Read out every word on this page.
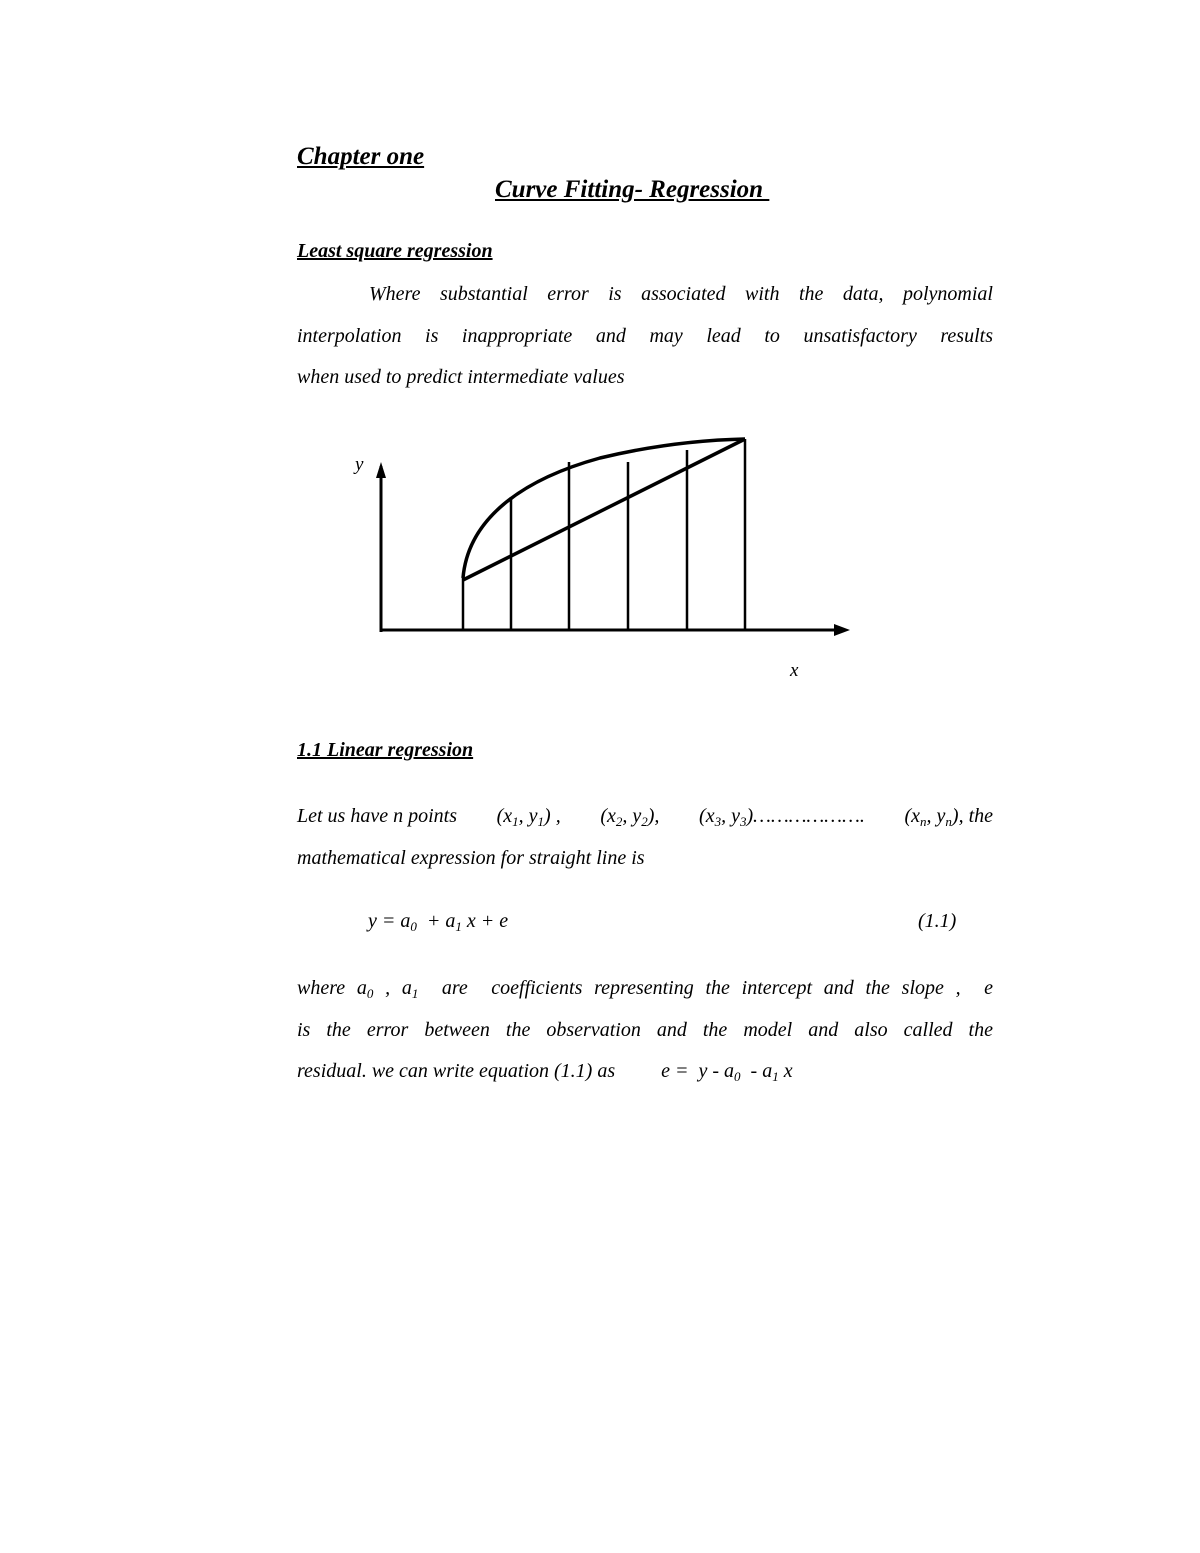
Chapter one
Curve Fitting- Regression
Least square regression
Where substantial error is associated with the data, polynomial
interpolation is inappropriate and may lead to unsatisfactory results
when used to predict intermediate values
y
x
1.1 Linear regression
Let us have n points ($x_1$, $y_1$) , ($x_2$, $y_2$), ($x_3$, $y_3)\dots\dots\dots\dots\dots\dots$. ($x_n$, $y_n$), the
mathematical expression for straight line is
$y = a_0 + a_1$ x + e	(1.1)
where $a_0$ , $a_1$  are  coefficients representing the intercept and the slope ,  e
is the error between the observation and the model and also called the
residual. we can write equation (1.1) as $e = y - a_0 - a_1$ x
